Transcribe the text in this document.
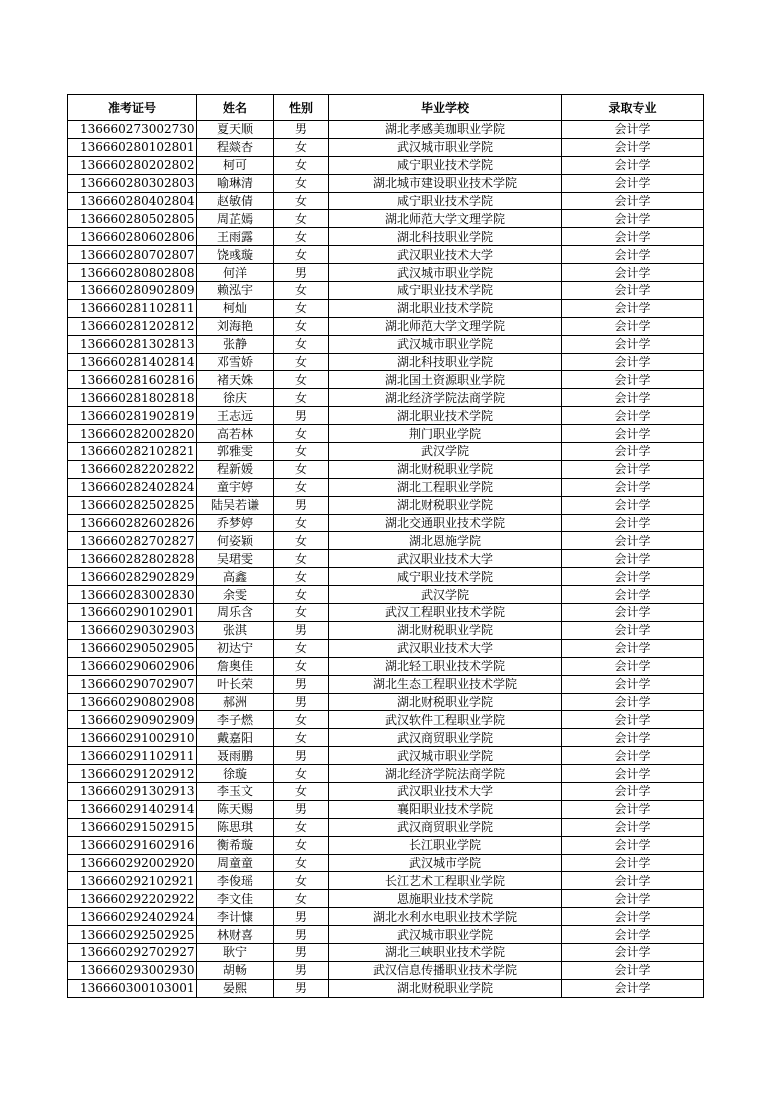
准考证号	姓名	性别	毕业学校	录取专业
136660273002730	夏天顺	男	湖北孝感美珈职业学院	会计学
136660280102801	程燚杏	女	武汉城市职业学院	会计学
136660280202802	柯可	女	咸宁职业技术学院	会计学
136660280302803	喻琳清	女	湖北城市建设职业技术学院	会计学
136660280402804	赵敏倩	女	咸宁职业技术学院	会计学
136660280502805	周芷嫣	女	湖北师范大学文理学院	会计学
136660280602806	王雨露	女	湖北科技职业学院	会计学
136660280702807	饶彧璇	女	武汉职业技术大学	会计学
136660280802808	何洋	男	武汉城市职业学院	会计学
136660280902809	赖泓宇	女	咸宁职业技术学院	会计学
136660281102811	柯灿	女	湖北职业技术学院	会计学
136660281202812	刘海艳	女	湖北师范大学文理学院	会计学
136660281302813	张静	女	武汉城市职业学院	会计学
136660281402814	邓雪娇	女	湖北科技职业学院	会计学
136660281602816	褚天姝	女	湖北国土资源职业学院	会计学
136660281802818	徐庆	女	湖北经济学院法商学院	会计学
136660281902819	王志远	男	湖北职业技术学院	会计学
136660282002820	高若林	女	荆门职业学院	会计学
136660282102821	郭雅雯	女	武汉学院	会计学
136660282202822	程新媛	女	湖北财税职业学院	会计学
136660282402824	童宇婷	女	湖北工程职业学院	会计学
136660282502825	陆吴若谦	男	湖北财税职业学院	会计学
136660282602826	乔梦婷	女	湖北交通职业技术学院	会计学
136660282702827	何姿颖	女	湖北恩施学院	会计学
136660282802828	吴珺雯	女	武汉职业技术大学	会计学
136660282902829	高鑫	女	咸宁职业技术学院	会计学
136660283002830	余雯	女	武汉学院	会计学
136660290102901	周乐含	女	武汉工程职业技术学院	会计学
136660290302903	张淇	男	湖北财税职业学院	会计学
136660290502905	初达宁	女	武汉职业技术大学	会计学
136660290602906	詹奥佳	女	湖北轻工职业技术学院	会计学
136660290702907	叶长荣	男	湖北生态工程职业技术学院	会计学
136660290802908	郝洲	男	湖北财税职业学院	会计学
136660290902909	李子燃	女	武汉软件工程职业学院	会计学
136660291002910	戴嘉阳	女	武汉商贸职业学院	会计学
136660291102911	聂雨鹏	男	武汉城市职业学院	会计学
136660291202912	徐璇	女	湖北经济学院法商学院	会计学
136660291302913	李玉文	女	武汉职业技术大学	会计学
136660291402914	陈天赐	男	襄阳职业技术学院	会计学
136660291502915	陈思琪	女	武汉商贸职业学院	会计学
136660291602916	衡希璇	女	长江职业学院	会计学
136660292002920	周童童	女	武汉城市学院	会计学
136660292102921	李俊瑶	女	长江艺术工程职业学院	会计学
136660292202922	李文佳	女	恩施职业技术学院	会计学
136660292402924	李计慷	男	湖北水利水电职业技术学院	会计学
136660292502925	林财喜	男	武汉城市职业学院	会计学
136660292702927	耿宁	男	湖北三峡职业技术学院	会计学
136660293002930	胡畅	男	武汉信息传播职业技术学院	会计学
136660300103001	晏熙	男	湖北财税职业学院	会计学
